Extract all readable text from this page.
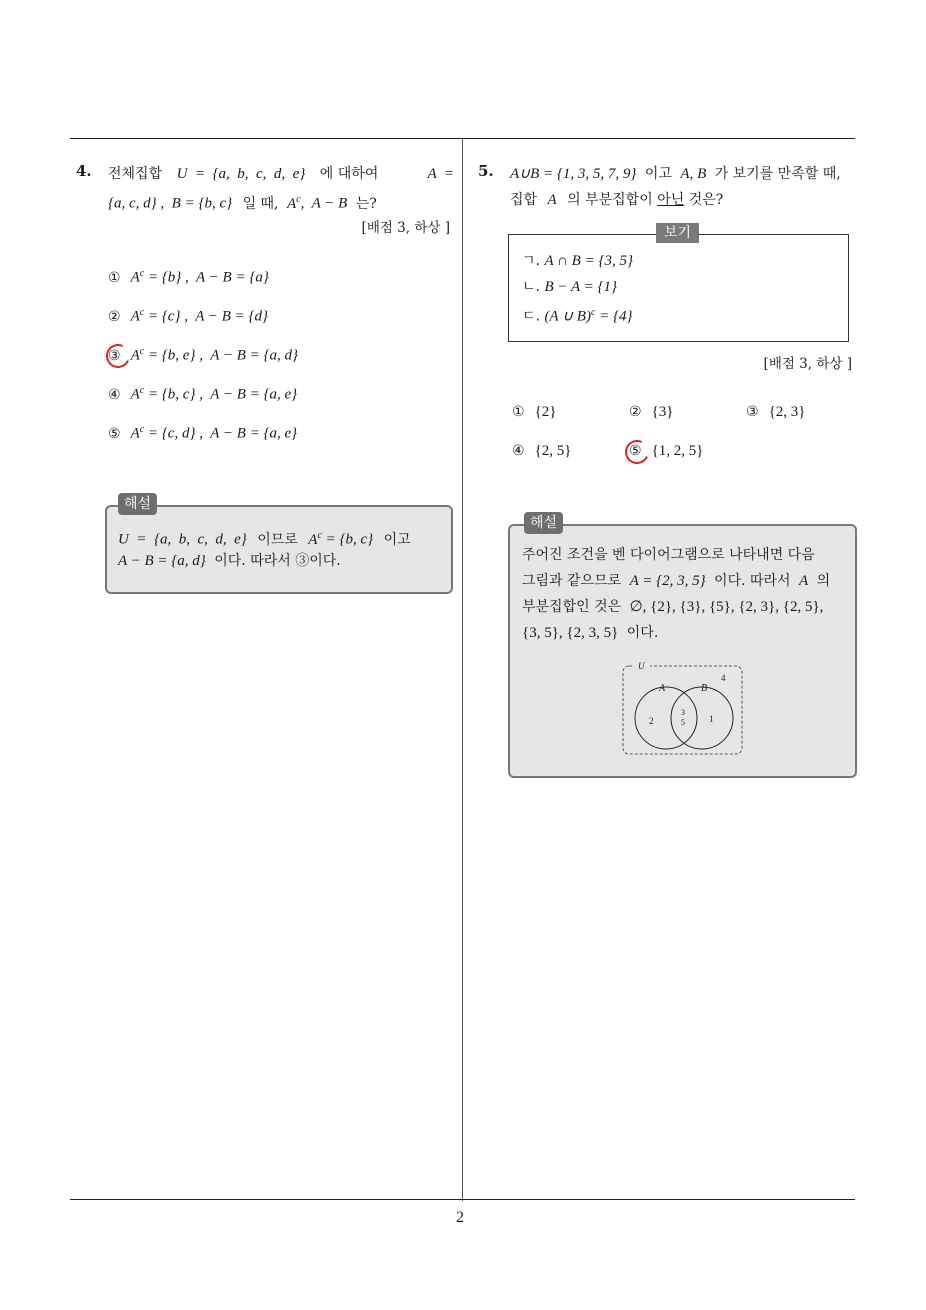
2
4. 전체집합 U  =  {a,  b,  c,  d,  e} 에 대하여	A  =
{a, c, d} ,  B = {b, c} 일 때, $A^c$,  A − B 는?
[배점 3, 하상 ]
① $A^c = \{b\}$ ,  A − B = {a}
② $A^c = \{c\}$ ,  A − B = {d}
③ $A^c = \{b$, e} ,  A − B = {a, d}
④ $A^c = \{b$, c} ,  A − B = {a, e}
⑤ $A^c = \{c$, d} ,  A − B = {a, e}
해설
U  =  {a,  b,  c,  d,  e} 이므로 $A^c = \{b$, c} 이고
A − B = {a, d} 이다. 따라서 ③이다.
5. A∪B = {1, 3, 5, 7, 9} 이고 A, B 가 보기를 만족할 때,
집합 A 의 부분집합이 아닌 것은?
보기
ㄱ. A ∩ B = {3, 5}
ㄴ. B − A = {1}
ㄷ. (A ∪ B)$^c$ = {4}
[배점 3, 하상 ]
① {2}	② {3}	③ {2, 3}
④ {2, 5}	⑤ {1, 2, 5}
해설
주어진 조건을 벤 다이어그램으로 나타내면 다음
그림과 같으므로 A = {2, 3, 5} 이다. 따라서 A 의
부분집합인 것은 ∅, {2}, {3}, {5}, {2, 3}, {2, 5},
{3, 5}, {2, 3, 5} 이다.
U
A	B
4
2
3
5	1
